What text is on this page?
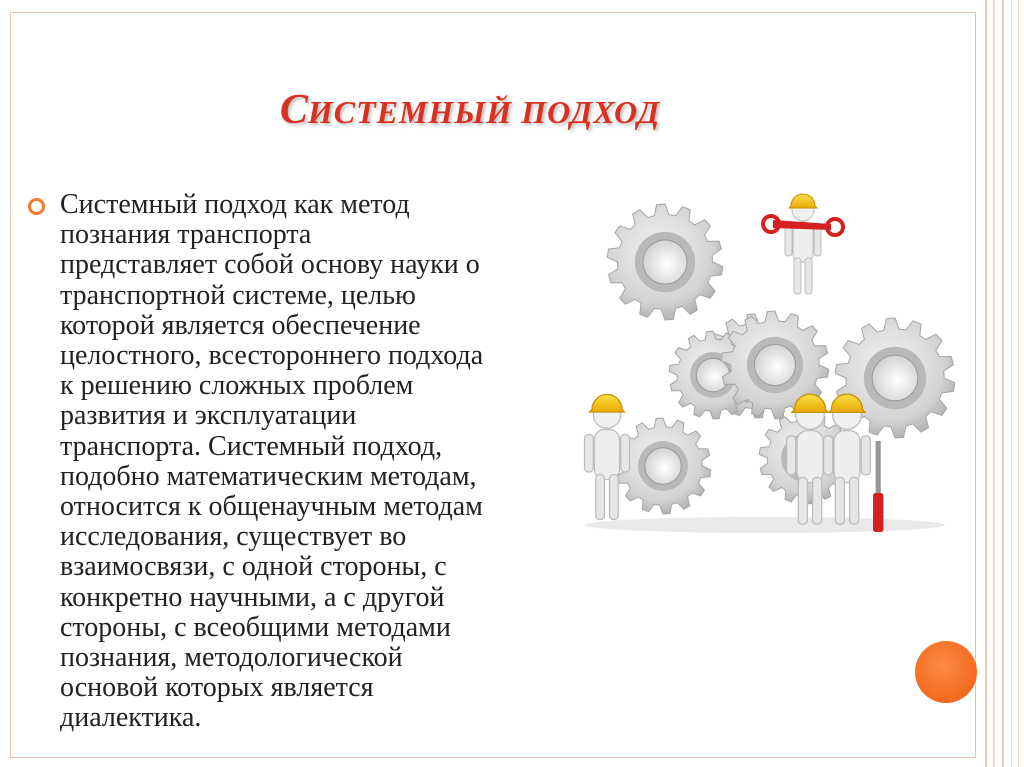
СИСТЕМНЫЙ ПОДХОД

Системный подход как метод
познания транспорта
представляет собой основу науки о
транспортной системе, целью
которой является обеспечение
целостного, всестороннего подхода
к решению сложных проблем
развития и эксплуатации
транспорта. Системный подход,
подобно математическим методам,
относится к общенаучным методам
исследования, существует во
взаимосвязи, с одной стороны, с
конкретно научными, а с другой
стороны, с всеобщими методами
познания, методологической
основой которых является
диалектика.
